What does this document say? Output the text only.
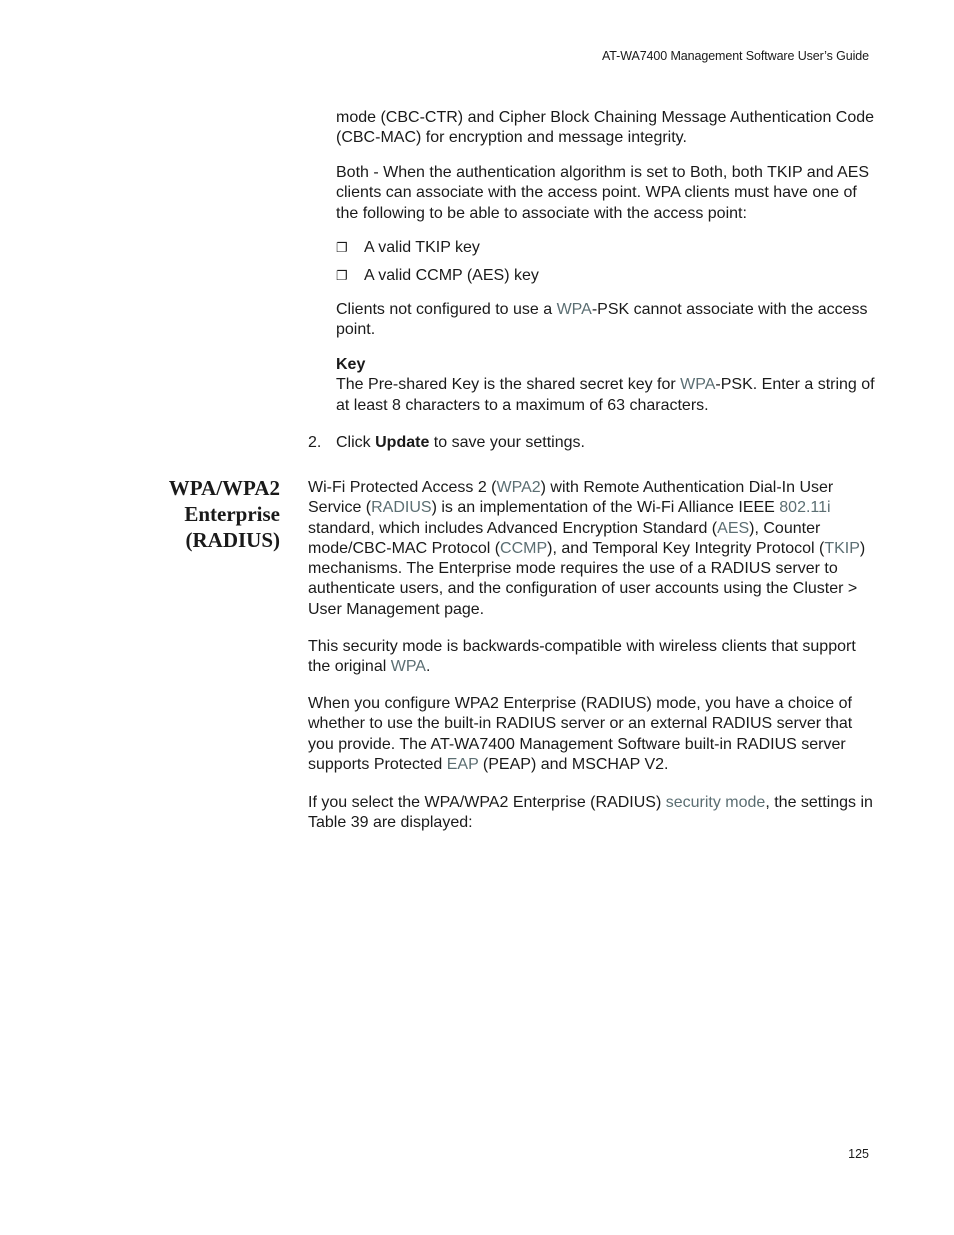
AT-WA7400 Management Software User’s Guide

mode (CBC-CTR) and Cipher Block Chaining Message Authentication Code (CBC-MAC) for encryption and message integrity.

Both - When the authentication algorithm is set to Both, both TKIP and AES clients can associate with the access point. WPA clients must have one of the following to be able to associate with the access point:

❐ A valid TKIP key
❐ A valid CCMP (AES) key

Clients not configured to use a WPA-PSK cannot associate with the access point.

Key

The Pre-shared Key is the shared secret key for WPA-PSK. Enter a string of at least 8 characters to a maximum of 63 characters.

2. Click Update to save your settings.
WPA/WPA2
Enterprise
(RADIUS)

Wi-Fi Protected Access 2 (WPA2) with Remote Authentication Dial-In User Service (RADIUS) is an implementation of the Wi-Fi Alliance IEEE 802.11i standard, which includes Advanced Encryption Standard (AES), Counter mode/CBC-MAC Protocol (CCMP), and Temporal Key Integrity Protocol (TKIP) mechanisms. The Enterprise mode requires the use of a RADIUS server to authenticate users, and the configuration of user accounts using the Cluster > User Management page.

This security mode is backwards-compatible with wireless clients that support the original WPA.

When you configure WPA2 Enterprise (RADIUS) mode, you have a choice of whether to use the built-in RADIUS server or an external RADIUS server that you provide. The AT-WA7400 Management Software built-in RADIUS server supports Protected EAP (PEAP) and MSCHAP V2.

If you select the WPA/WPA2 Enterprise (RADIUS) security mode, the settings in Table 39 are displayed:

125
